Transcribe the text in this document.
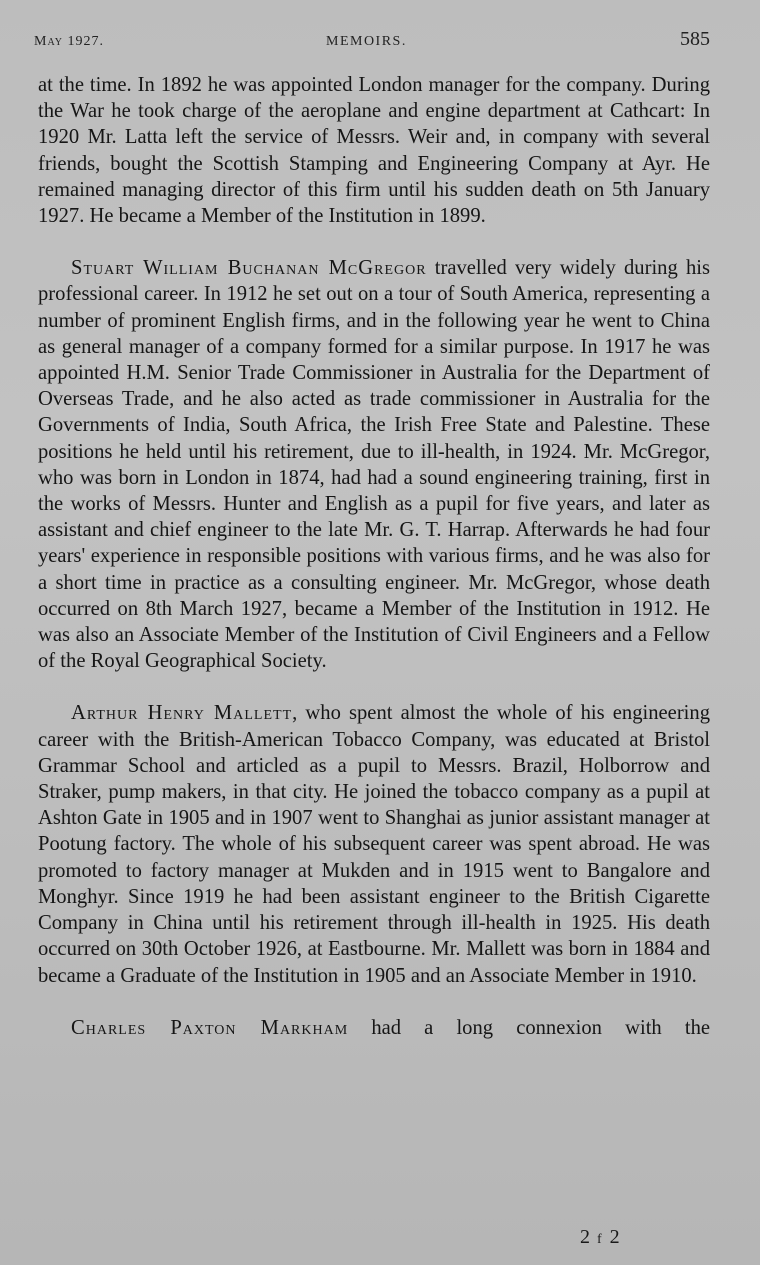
May 1927.	MEMOIRS.	585

at the time. In 1892 he was appointed London manager for the company. During the War he took charge of the aeroplane and engine department at Cathcart: In 1920 Mr. Latta left the service of Messrs. Weir and, in company with several friends, bought the Scottish Stamping and Engineering Company at Ayr. He remained managing director of this firm until his sudden death on 5th January 1927. He became a Member of the Institution in 1899.

Stuart William Buchanan McGregor travelled very widely during his professional career. In 1912 he set out on a tour of South America, representing a number of prominent English firms, and in the following year he went to China as general manager of a company formed for a similar purpose. In 1917 he was appointed H.M. Senior Trade Commissioner in Australia for the Department of Overseas Trade, and he also acted as trade commissioner in Australia for the Governments of India, South Africa, the Irish Free State and Palestine. These positions he held until his retirement, due to ill-health, in 1924. Mr. McGregor, who was born in London in 1874, had had a sound engineering training, first in the works of Messrs. Hunter and English as a pupil for five years, and later as assistant and chief engineer to the late Mr. G. T. Harrap. Afterwards he had four years' experience in responsible positions with various firms, and he was also for a short time in practice as a consulting engineer. Mr. McGregor, whose death occurred on 8th March 1927, became a Member of the Institution in 1912. He was also an Associate Member of the Institution of Civil Engineers and a Fellow of the Royal Geographical Society.

Arthur Henry Mallett, who spent almost the whole of his engineering career with the British-American Tobacco Company, was educated at Bristol Grammar School and articled as a pupil to Messrs. Brazil, Holborrow and Straker, pump makers, in that city. He joined the tobacco company as a pupil at Ashton Gate in 1905 and in 1907 went to Shanghai as junior assistant manager at Pootung factory. The whole of his subsequent career was spent abroad. He was promoted to factory manager at Mukden and in 1915 went to Bangalore and Monghyr. Since 1919 he had been assistant engineer to the British Cigarette Company in China until his retirement through ill-health in 1925. His death occurred on 30th October 1926, at Eastbourne. Mr. Mallett was born in 1884 and became a Graduate of the Institution in 1905 and an Associate Member in 1910.

Charles Paxton Markham had a long connexion with the

2 f 2
